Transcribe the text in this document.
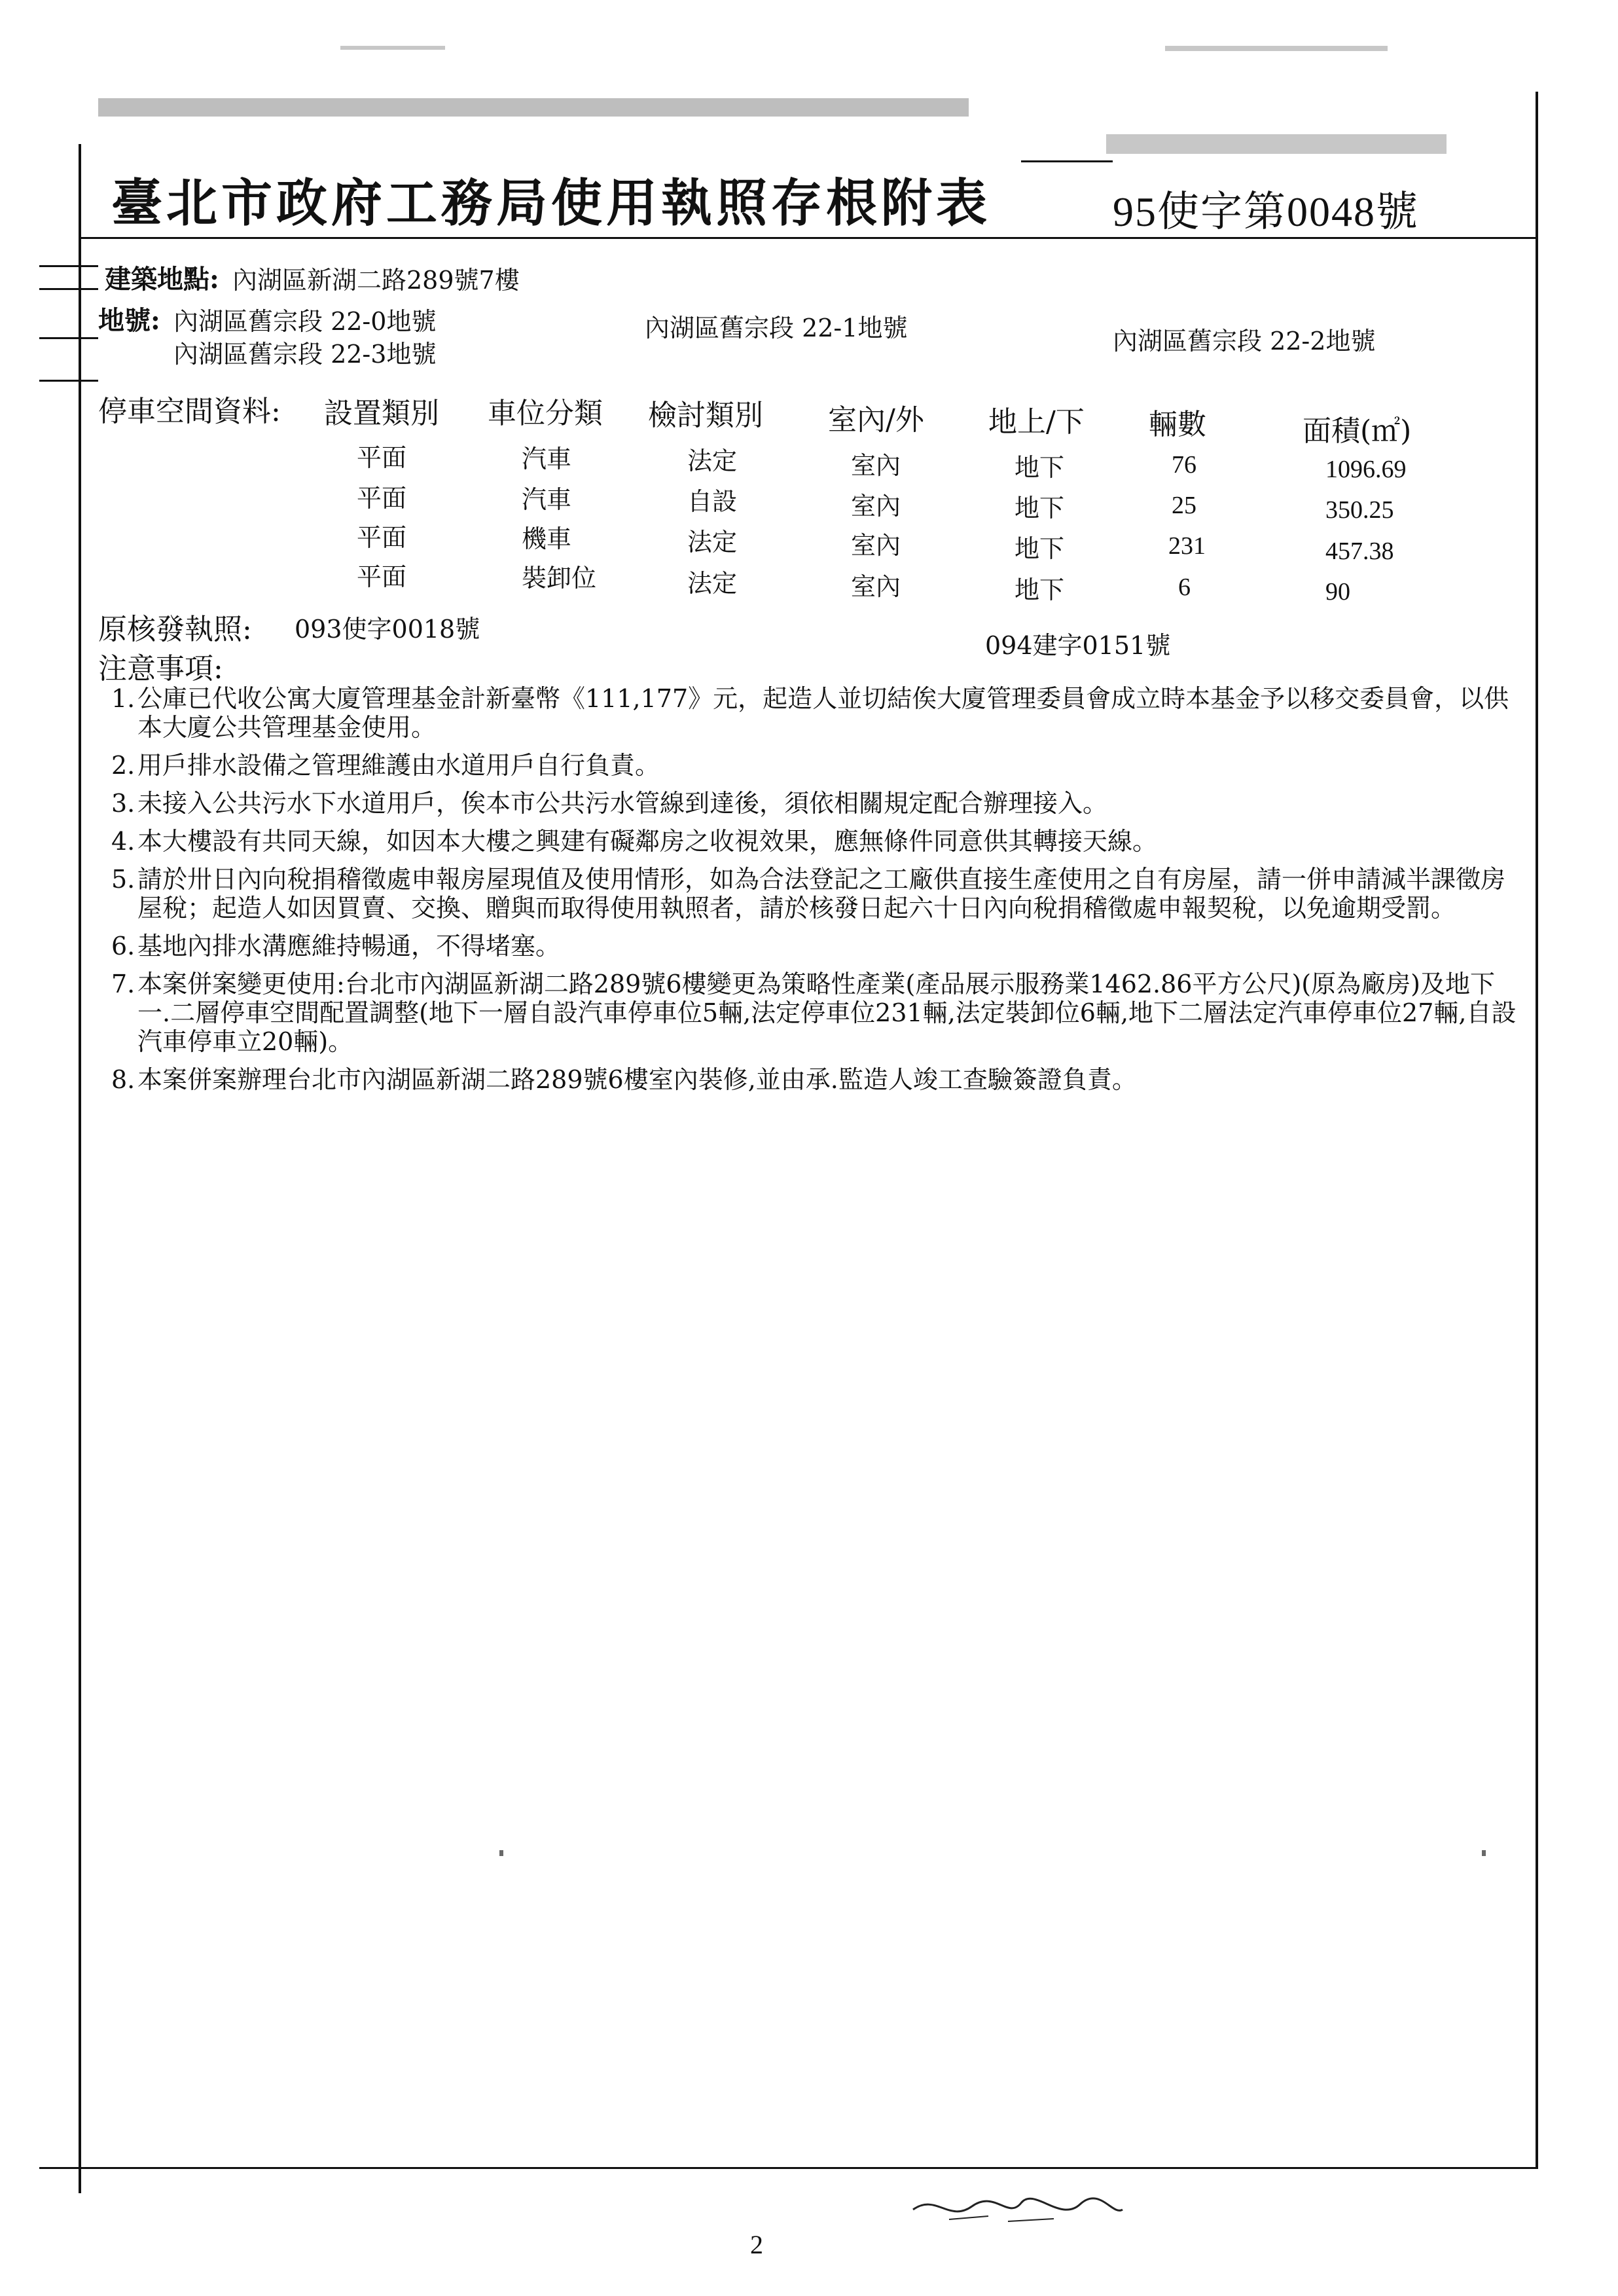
臺北市政府工務局使用執照存根附表	95使字第0048號
建築地點: 內湖區新湖二路289號7樓
地號: 內湖區舊宗段 22-0地號	內湖區舊宗段 22-1地號	內湖區舊宗段 22-2地號
內湖區舊宗段 22-3地號
停車空間資料: 設置類別 車位分類 檢討類別 室內/外 地上/下 輛數	面積(㎡)
平面	汽車	法定	室內	地下	76	1096.69
平面	汽車	自設	室內	地下	25	350.25
平面	機車	法定	室內	地下	231	457.38
平面	裝卸位	法定	室內	地下	6	90
原核發執照: 093使字0018號
094建字0151號
注意事項:
1. 公庫已代收公寓大廈管理基金計新臺幣《111,177》元，起造人並切結俟大廈管理委員會成立時本基金予以移交委員會，以供本大廈公共管理基金使用。
2. 用戶排水設備之管理維護由水道用戶自行負責。
3. 未接入公共污水下水道用戶，俟本市公共污水管線到達後，須依相關規定配合辦理接入。
4. 本大樓設有共同天線，如因本大樓之興建有礙鄰房之收視效果，應無條件同意供其轉接天線。
5. 請於卅日內向稅捐稽徵處申報房屋現值及使用情形，如為合法登記之工廠供直接生產使用之自有房屋，請一併申請減半課徵房屋稅；起造人如因買賣、交換、贈與而取得使用執照者，請於核發日起六十日內向稅捐稽徵處申報契稅，以免逾期受罰。
6. 基地內排水溝應維持暢通，不得堵塞。
7. 本案併案變更使用:台北市內湖區新湖二路289號6樓變更為策略性產業(產品展示服務業1462.86平方公尺)(原為廠房)及地下一.二層停車空間配置調整(地下一層自設汽車停車位5輛,法定停車位231輛,法定裝卸位6輛,地下二層法定汽車停車位27輛,自設汽車停車立20輛)。
8. 本案併案辦理台北市內湖區新湖二路289號6樓室內裝修,並由承.監造人竣工查驗簽證負責。
2
